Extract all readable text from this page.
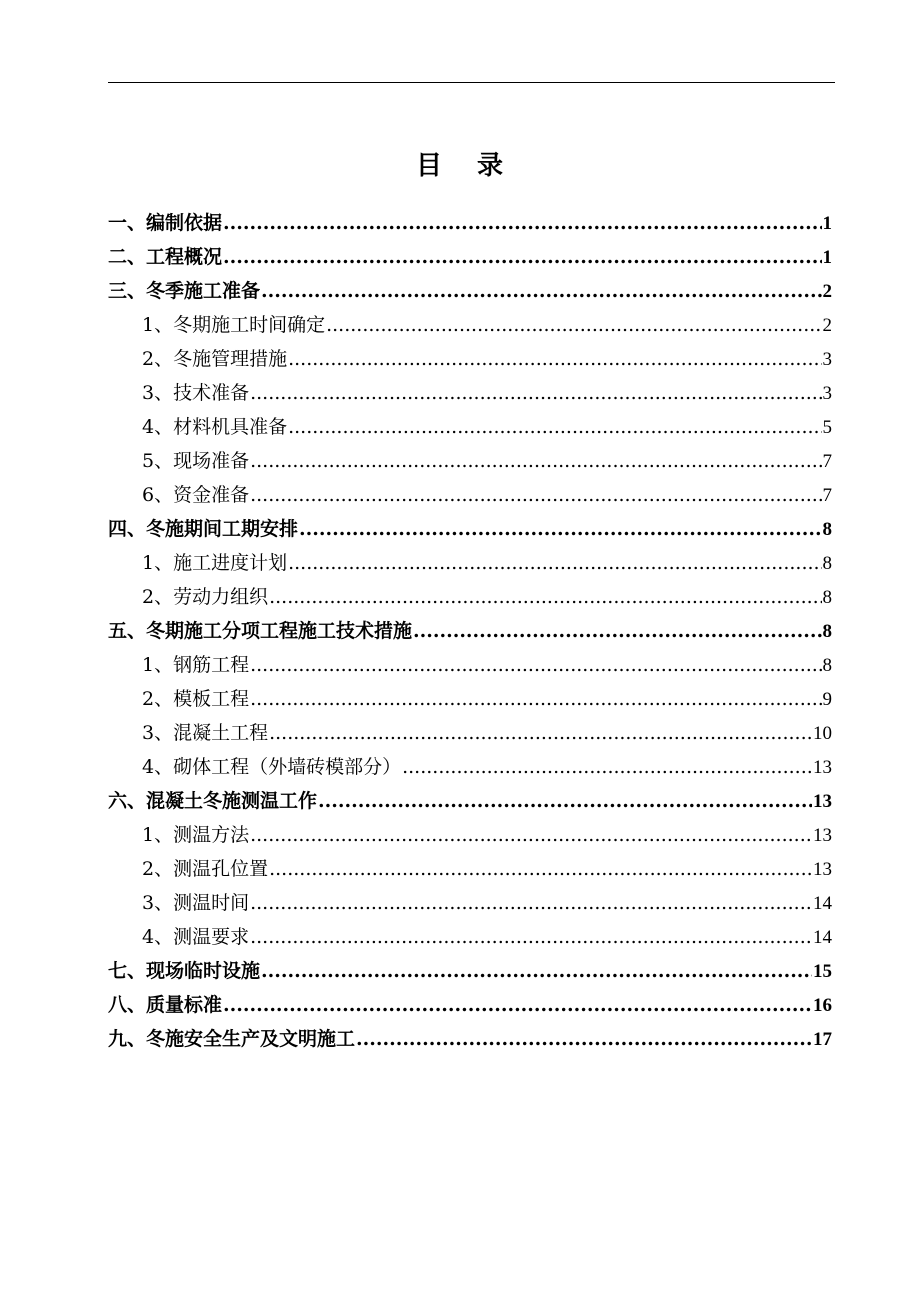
目 录
一、编制依据 .....	1
二、工程概况 .....	1
三、冬季施工准备 .....	2
1、冬期施工时间确定 .....	2
2、冬施管理措施 .....	3
3、技术准备 .....	3
4、材料机具准备 .....	5
5、现场准备 .....	7
6、资金准备 .....	7
四、冬施期间工期安排 .....	8
1、施工进度计划 .....	8
2、劳动力组织 .....	8
五、冬期施工分项工程施工技术措施 .....	8
1、钢筋工程 .....	8
2、模板工程 .....	9
3、混凝土工程 .....	10
4、砌体工程（外墙砖模部分） .....	13
六、混凝土冬施测温工作 .....	13
1、测温方法 .....	13
2、测温孔位置 .....	13
3、测温时间 .....	14
4、测温要求 .....	14
七、现场临时设施 .....	15
八、质量标准 .....	16
九、冬施安全生产及文明施工 .....	17
